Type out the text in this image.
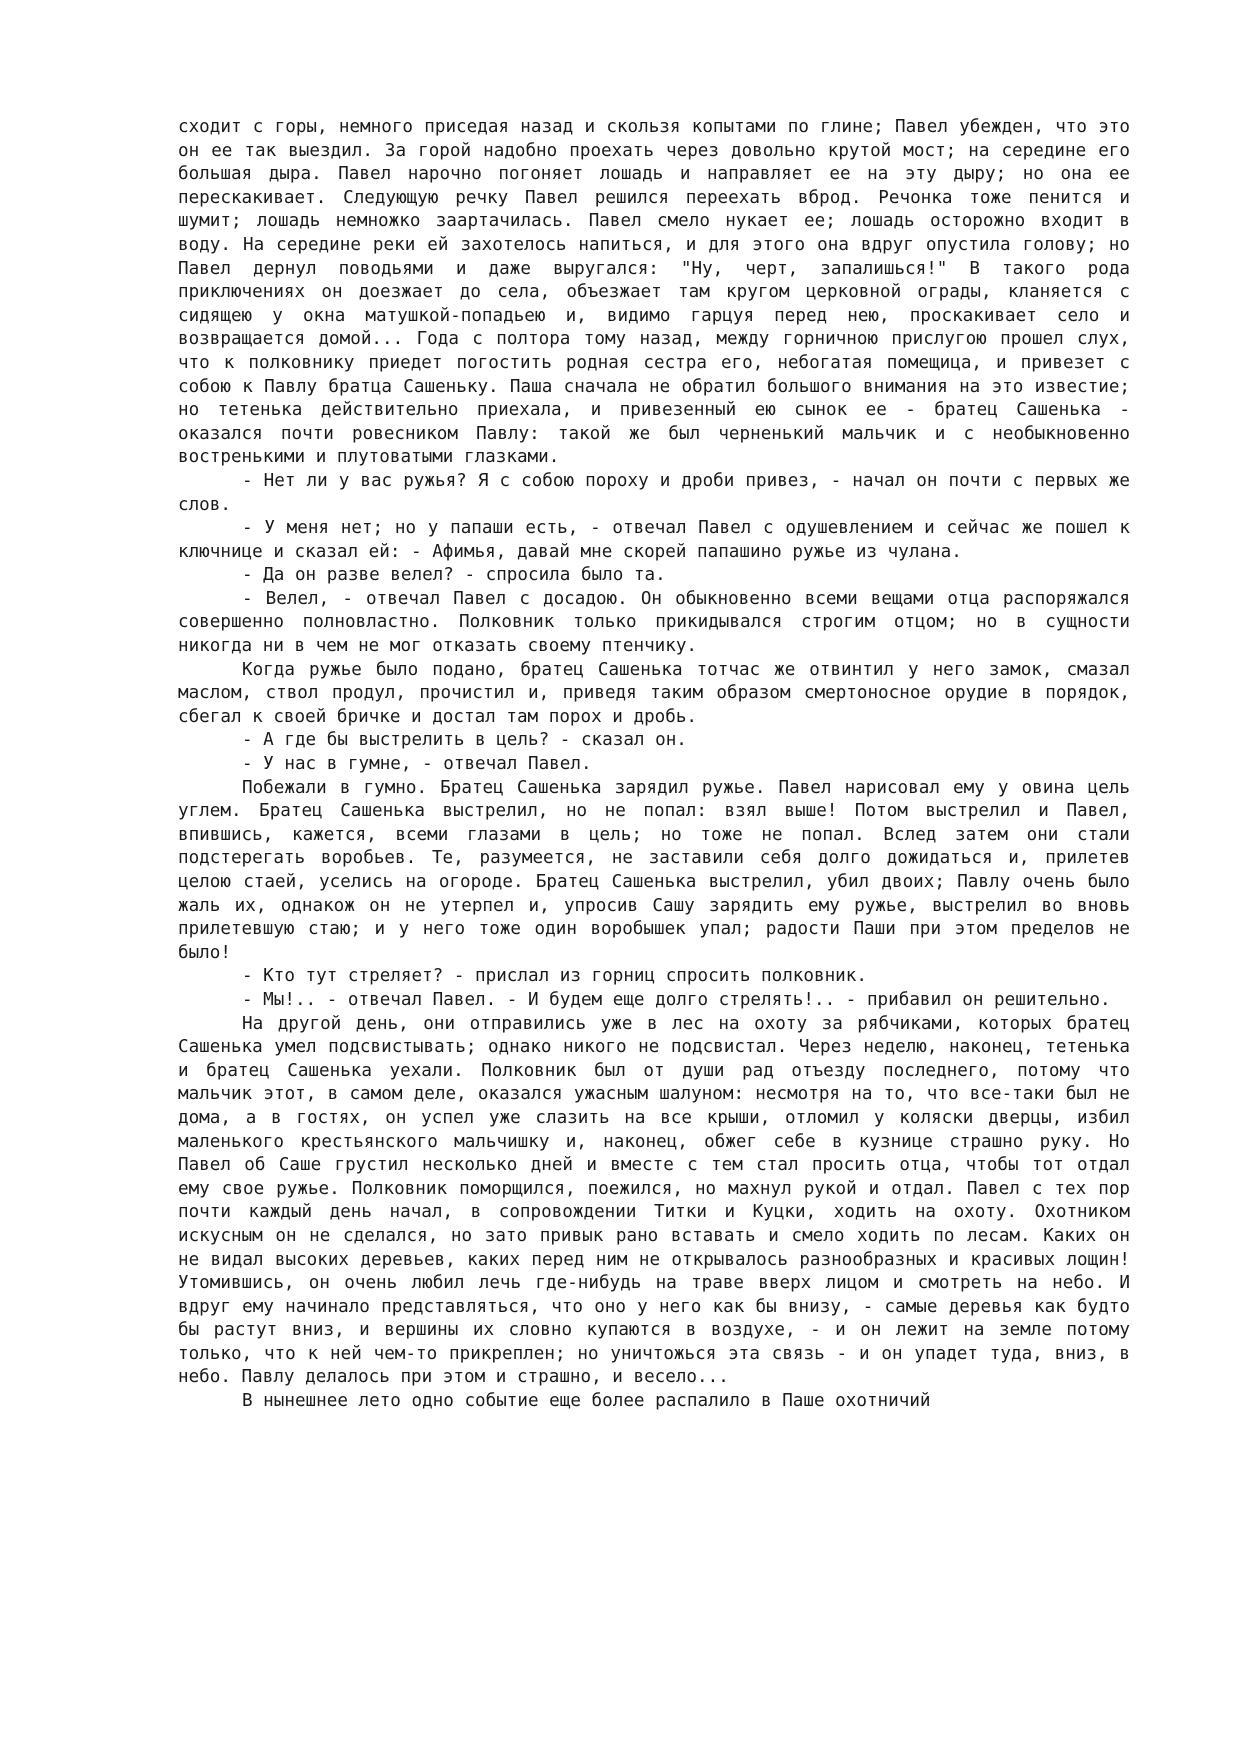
сходит с горы, немного приседая назад и скользя копытами по глине; Павел убежден, что это он ее так выездил. За горой надобно проехать через довольно крутой мост; на середине его большая дыра. Павел нарочно погоняет лошадь и направляет ее на эту дыру; но она ее перескакивает. Следующую речку Павел решился переехать вброд. Речонка тоже пенится и шумит; лошадь немножко заартачилась. Павел смело нукает ее; лошадь осторожно входит в воду. На середине реки ей захотелось напиться, и для этого она вдруг опустила голову; но Павел дернул поводьями и даже выругался: "Ну, черт, запалишься!" В такого рода приключениях он доезжает до села, объезжает там кругом церковной ограды, кланяется с сидящею у окна матушкой-попадьею и, видимо гарцуя перед нею, проскакивает село и возвращается домой... Года с полтора тому назад, между горничною прислугою прошел слух, что к полковнику приедет погостить родная сестра его, небогатая помещица, и привезет с собою к Павлу братца Сашеньку. Паша сначала не обратил большого внимания на это известие; но тетенька действительно приехала, и привезенный ею сынок ее - братец Сашенька - оказался почти ровесником Павлу: такой же был черненький мальчик и с необыкновенно востренькими и плутоватыми глазками.

- Нет ли у вас ружья? Я с собою пороху и дроби привез, - начал он почти с первых же слов.

- У меня нет; но у папаши есть, - отвечал Павел с одушевлением и сейчас же пошел к ключнице и сказал ей: - Афимья, давай мне скорей папашино ружье из чулана.

- Да он разве велел? - спросила было та.

- Велел, - отвечал Павел с досадою. Он обыкновенно всеми вещами отца распоряжался совершенно полновластно. Полковник только прикидывался строгим отцом; но в сущности никогда ни в чем не мог отказать своему птенчику.

Когда ружье было подано, братец Сашенька тотчас же отвинтил у него замок, смазал маслом, ствол продул, прочистил и, приведя таким образом смертоносное орудие в порядок, сбегал к своей бричке и достал там порох и дробь.

- А где бы выстрелить в цель? - сказал он.

- У нас в гумне, - отвечал Павел.

Побежали в гумно. Братец Сашенька зарядил ружье. Павел нарисовал ему у овина цель углем. Братец Сашенька выстрелил, но не попал: взял выше! Потом выстрелил и Павел, впившись, кажется, всеми глазами в цель; но тоже не попал. Вслед затем они стали подстерегать воробьев. Те, разумеется, не заставили себя долго дожидаться и, прилетев целою стаей, уселись на огороде. Братец Сашенька выстрелил, убил двоих; Павлу очень было жаль их, однакож он не утерпел и, упросив Сашу зарядить ему ружье, выстрелил во вновь прилетевшую стаю; и у него тоже один воробышек упал; радости Паши при этом пределов не было!

- Кто тут стреляет? - прислал из горниц спросить полковник.

- Мы!.. - отвечал Павел. - И будем еще долго стрелять!.. - прибавил он решительно.

На другой день, они отправились уже в лес на охоту за рябчиками, которых братец Сашенька умел подсвистывать; однако никого не подсвистал. Через неделю, наконец, тетенька и братец Сашенька уехали. Полковник был от души рад отъезду последнего, потому что мальчик этот, в самом деле, оказался ужасным шалуном: несмотря на то, что все-таки был не дома, а в гостях, он успел уже слазить на все крыши, отломил у коляски дверцы, избил маленького крестьянского мальчишку и, наконец, обжег себе в кузнице страшно руку. Но Павел об Саше грустил несколько дней и вместе с тем стал просить отца, чтобы тот отдал ему свое ружье. Полковник поморщился, поежился, но махнул рукой и отдал. Павел с тех пор почти каждый день начал, в сопровождении Титки и Куцки, ходить на охоту. Охотником искусным он не сделался, но зато привык рано вставать и смело ходить по лесам. Каких он не видал высоких деревьев, каких перед ним не открывалось разнообразных и красивых лощин! Утомившись, он очень любил лечь где-нибудь на траве вверх лицом и смотреть на небо. И вдруг ему начинало представляться, что оно у него как бы внизу, - самые деревья как будто бы растут вниз, и вершины их словно купаются в воздухе, - и он лежит на земле потому только, что к ней чем-то прикреплен; но уничтожься эта связь - и он упадет туда, вниз, в небо. Павлу делалось при этом и страшно, и весело...

В нынешнее лето одно событие еще более распалило в Паше охотничий
